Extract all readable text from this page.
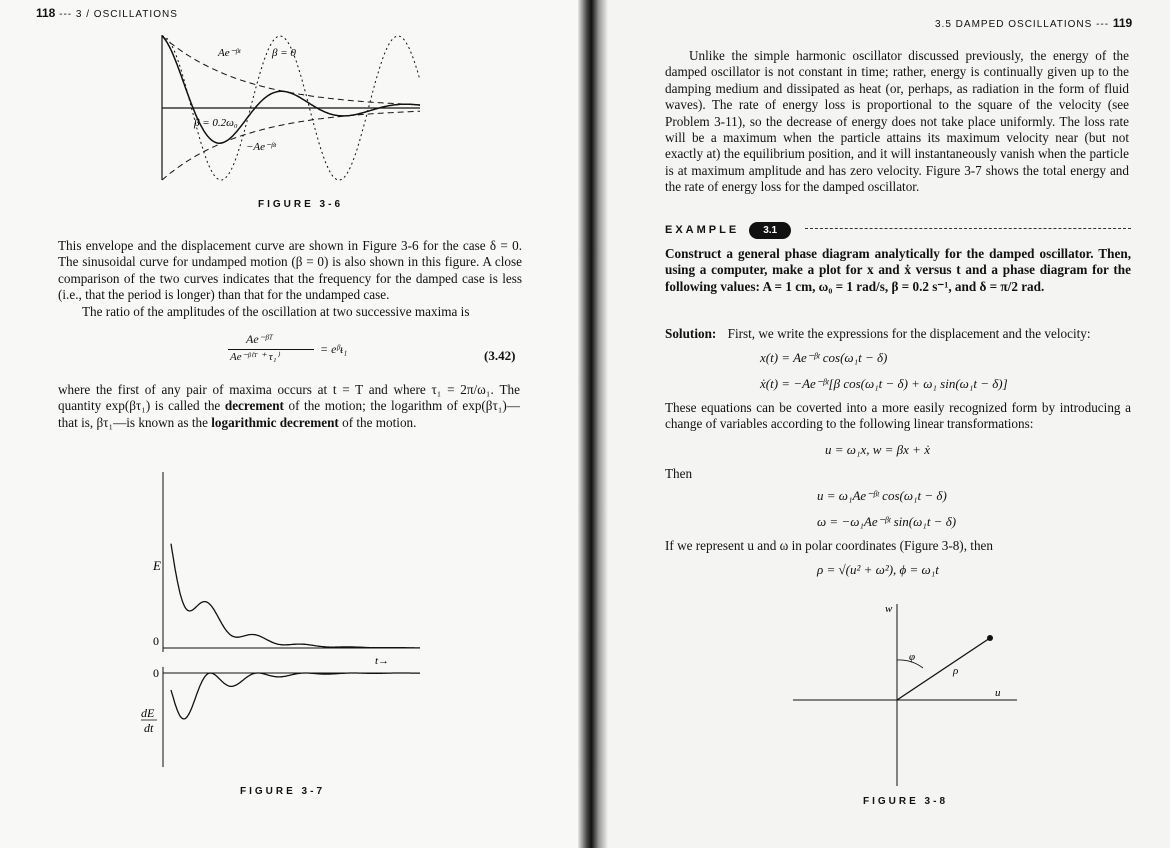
118 --- 3 / OSCILLATIONS
Ae⁻ᵝᵗ	β = 0
β = 0.2ω₀
−Ae⁻ᵝᵗ
FIGURE 3-6

This envelope and the displacement curve are shown in Figure 3-6 for the case δ = 0. The sinusoidal curve for undamped motion (β = 0) is also shown in this figure. A close comparison of the two curves indicates that the frequency for the damped case is less (i.e., that the period is longer) than that for the undamped case.

The ratio of the amplitudes of the oscillation at two successive maxima is

Ae⁻ᵝᵀ
Ae⁻ᵝ⁽ᵀ ⁺ τ₁⁾
= eᵝᵼ₁	(3.42)
where the first of any pair of maxima occurs at t = T and where τ₁ = 2π/ω₁. The quantity exp(βτ₁) is called the decrement of the motion; the logarithm of exp(βτ₁)—that is, βτ₁—is known as the logarithmic decrement of the motion.
E
0
t→
0
dE
dt
FIGURE 3-7
3.5 DAMPED OSCILLATIONS --- 119
Unlike the simple harmonic oscillator discussed previously, the energy of the damped oscillator is not constant in time; rather, energy is continually given up to the damping medium and dissipated as heat (or, perhaps, as radiation in the form of fluid waves). The rate of energy loss is proportional to the square of the velocity (see Problem 3-11), so the decrease of energy does not take place uniformly. The loss rate will be a maximum when the particle attains its maximum velocity near (but not exactly at) the equilibrium position, and it will instantaneously vanish when the particle is at maximum amplitude and has zero velocity. Figure 3-7 shows the total energy and the rate of energy loss for the damped oscillator.
EXAMPLE 3.1
Construct a general phase diagram analytically for the damped oscillator. Then, using a computer, make a plot for x and ẋ versus t and a phase diagram for the following values: A = 1 cm, ω₀ = 1 rad/s, β = 0.2 s⁻¹, and δ = π/2 rad.
Solution: First, we write the expressions for the displacement and the velocity:
x(t) = Ae⁻ᵝᵗ cos(ω₁t − δ)
ẋ(t) = −Ae⁻ᵝᵗ[β cos(ω₁t − δ) + ω₁ sin(ω₁t − δ)]
These equations can be coverted into a more easily recognized form by introducing a change of variables according to the following linear transformations:
u = ω₁x, w = βx + ẋ
Then
u = ω₁Ae⁻ᵝᵗ cos(ω₁t − δ)
ω = −ω₁Ae⁻ᵝᵗ sin(ω₁t − δ)
If we represent u and ω in polar coordinates (Figure 3-8), then
ρ = √(u² + ω²), ϕ = ω₁t
w
φ
ρ
u
FIGURE 3-8
